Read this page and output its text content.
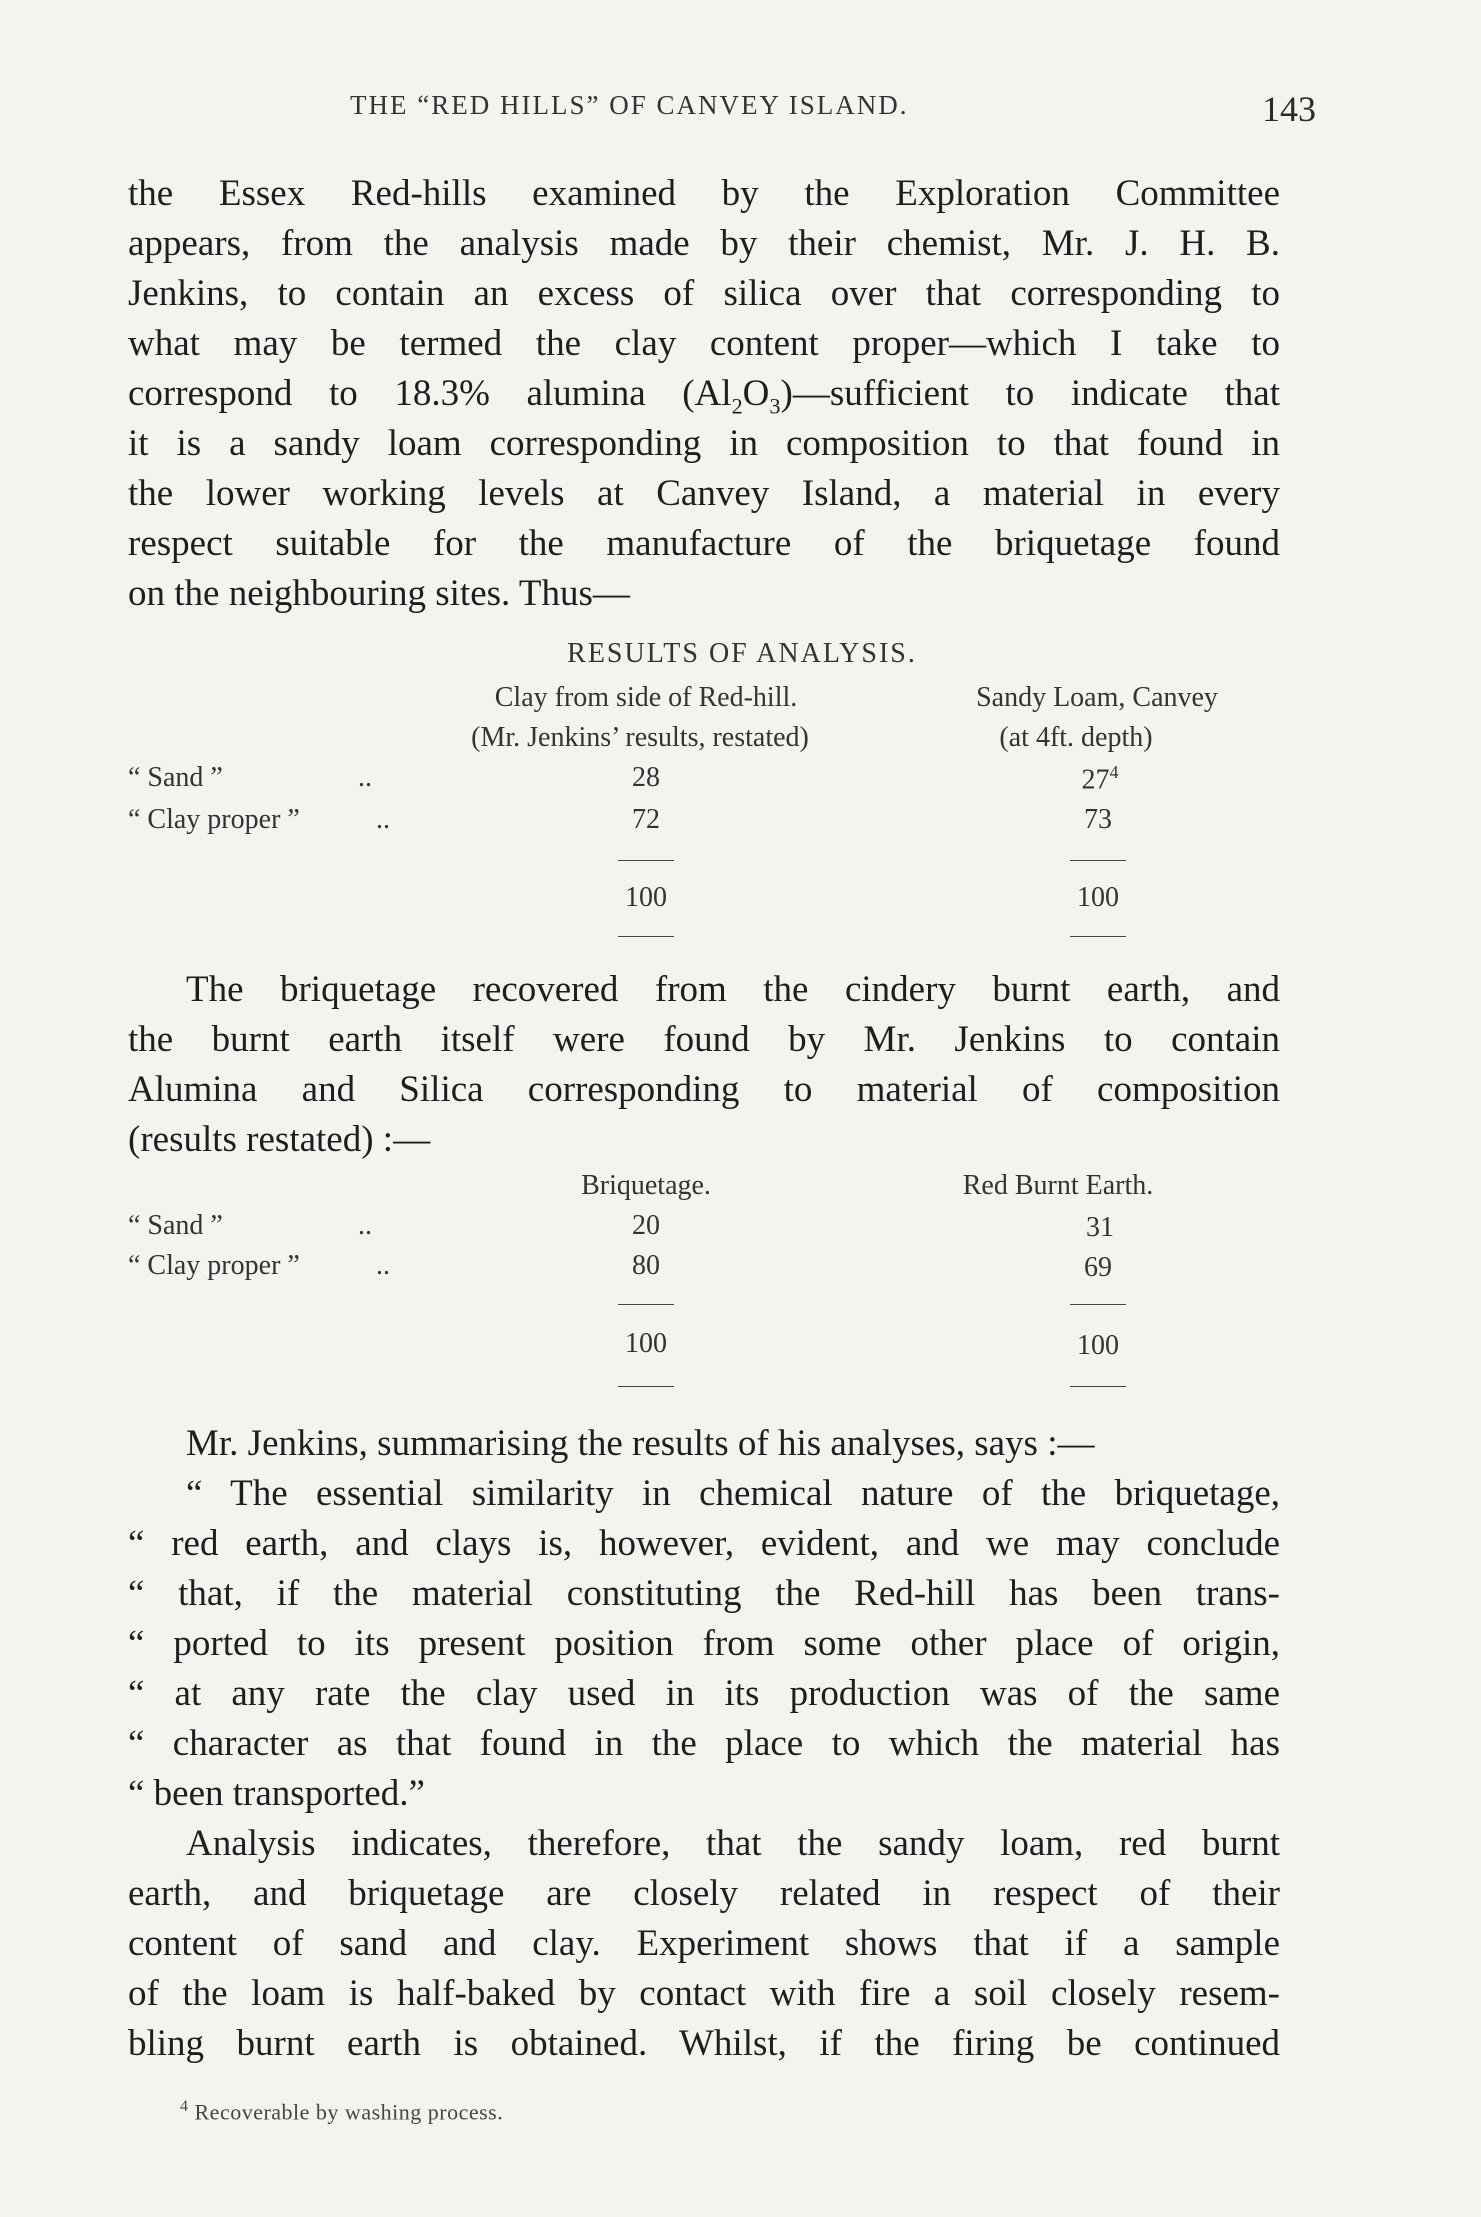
THE “RED HILLS” OF CANVEY ISLAND.	143
the Essex Red-hills examined by the Exploration Committee
appears, from the analysis made by their chemist, Mr. J. H. B.
Jenkins, to contain an excess of silica over that corresponding to
what may be termed the clay content proper—which I take to
correspond to 18.3% alumina $(Al_2O_3)—sufficient$ to indicate that
it is a sandy loam corresponding in composition to that found in
the lower working levels at Canvey Island, a material in every
respect suitable for the manufacture of the briquetage found
on the neighbouring sites. Thus—
RESULTS OF ANALYSIS.
Clay from side of Red-hill.	Sandy Loam, Canvey
(Mr. Jenkins’ results, restated)	(at 4ft. depth)
“ Sand ”	..	28	$27^4$
“ Clay proper ”	..	72	73
100	100
The briquetage recovered from the cindery burnt earth, and
the burnt earth itself were found by Mr. Jenkins to contain
Alumina and Silica corresponding to material of composition
(results restated) :—
Briquetage.	Red Burnt Earth.
“ Sand ”	..	20	31
“ Clay proper ”	..	80	69
100	100
Mr. Jenkins, summarising the results of his analyses, says :—
“ The essential similarity in chemical nature of the briquetage,
“ red earth, and clays is, however, evident, and we may conclude
“ that, if the material constituting the Red-hill has been trans-
“ ported to its present position from some other place of origin,
“ at any rate the clay used in its production was of the same
“ character as that found in the place to which the material has
“ been transported.”
Analysis indicates, therefore, that the sandy loam, red burnt
earth, and briquetage are closely related in respect of their
content of sand and clay. Experiment shows that if a sample
of the loam is half-baked by contact with fire a soil closely resem-
bling burnt earth is obtained. Whilst, if the firing be continued
$^4$ Recoverable by washing process.
